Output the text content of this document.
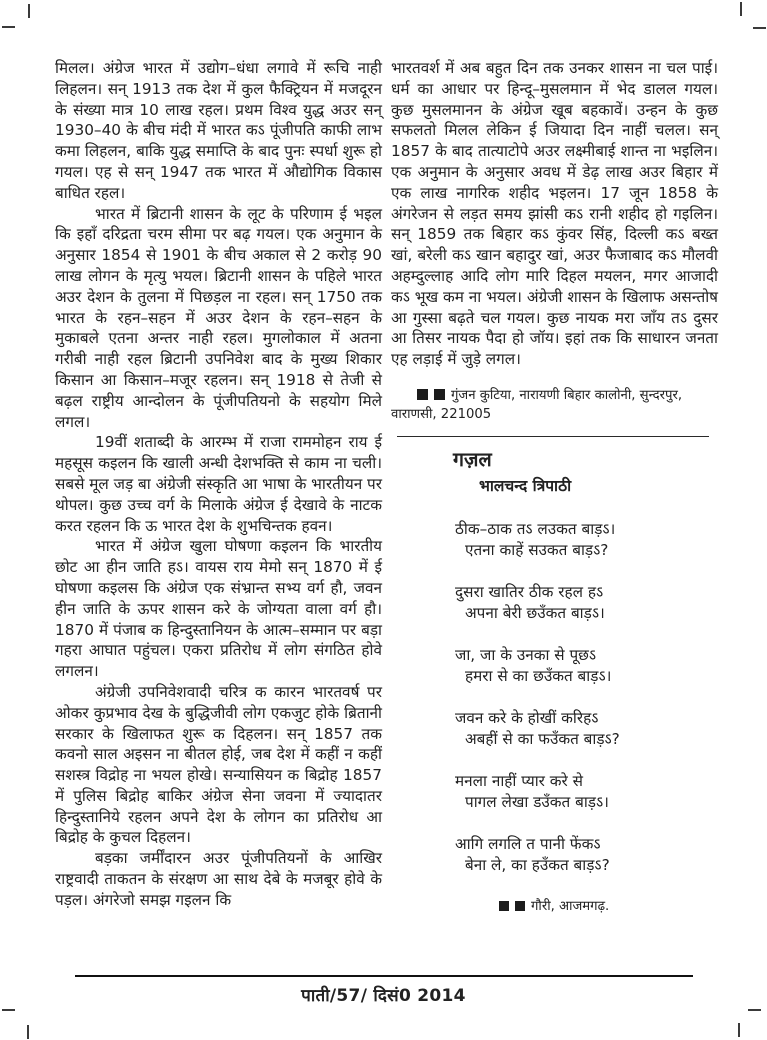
मिलल। अंग्रेज भारत में उद्योग–धंधा लगावे में रूचि नाही लिहलन। सन् 1913 तक देश में कुल फैक्ट्रियन में मजदूरन के संख्या मात्र 10 लाख रहल। प्रथम विश्व युद्ध अउर सन् 1930–40 के बीच मंदी में भारत कऽ पूंजीपति काफी लाभ कमा लिहलन, बाकि युद्ध समाप्ति के बाद पुनः स्पर्धा शुरू हो गयल। एह से सन् 1947 तक भारत में औद्योगिक विकास बाधित रहल।

भारत में ब्रिटानी शासन के लूट के परिणाम ई भइल कि इहाँ दरिद्रता चरम सीमा पर बढ़ गयल। एक अनुमान के अनुसार 1854 से 1901 के बीच अकाल से 2 करोड़ 90 लाख लोगन के मृत्यु भयल। ब्रिटानी शासन के पहिले भारत अउर देशन के तुलना में पिछड़ल ना रहल। सन् 1750 तक भारत के रहन–सहन में अउर देशन के रहन–सहन के मुकाबले एतना अन्तर नाही रहल। मुगलोकाल में अतना गरीबी नाही रहल ब्रिटानी उपनिवेश बाद के मुख्य शिकार किसान आ किसान–मजूर रहलन। सन् 1918 से तेजी से बढ़ल राष्ट्रीय आन्दोलन के पूंजीपतियनो के सहयोग मिले लगल।

19वीं शताब्दी के आरम्भ में राजा राममोहन राय ई महसूस कइलन कि खाली अन्धी देशभक्ति से काम ना चली। सबसे मूल जड़ बा अंग्रेजी संस्कृति आ भाषा के भारतीयन पर थोपल। कुछ उच्च वर्ग के मिलाके अंग्रेज ई देखावे के नाटक करत रहलन कि ऊ भारत देश के शुभचिन्तक हवन।

भारत में अंग्रेज खुला घोषणा कइलन कि भारतीय छोट आ हीन जाति हऽ। वायस राय मेमो सन् 1870 में ई घोषणा कइलस कि अंग्रेज एक संभ्रान्त सभ्य वर्ग हौ, जवन हीन जाति के ऊपर शासन करे के जोग्यता वाला वर्ग हौ। 1870 में पंजाब क हिन्दुस्तानियन के आत्म–सम्मान पर बड़ा गहरा आघात पहुंचल। एकरा प्रतिरोध में लोग संगठित होवे लगलन।

अंग्रेजी उपनिवेशवादी चरित्र क कारन भारतवर्ष पर ओकर कुप्रभाव देख के बुद्धिजीवी लोग एकजुट होके ब्रितानी सरकार के खिलाफत शुरू क दिहलन। सन् 1857 तक कवनो साल अइसन ना बीतल होई, जब देश में कहीं न कहीं सशस्त्र विद्रोह ना भयल होखे। सन्यासियन क बिद्रोह 1857 में पुलिस बिद्रोह बाकिर अंग्रेज सेना जवना में ज्यादातर हिन्दुस्तानिये रहलन अपने देश के लोगन का प्रतिरोध आ बिद्रोह के कुचल दिहलन।

बड़का जर्मींदारन अउर पूंजीपतियनों के आखिर राष्ट्रवादी ताकतन के संरक्षण आ साथ देबे के मजबूर होवे के पड़ल। अंगरेजो समझ गइलन कि

भारतवर्श में अब बहुत दिन तक उनकर शासन ना चल पाई। धर्म का आधार पर हिन्दू–मुसलमान में भेद डालल गयल। कुछ मुसलमानन के अंग्रेज खूब बहकावें। उन्हन के कुछ सफलतो मिलल लेकिन ई जियादा दिन नाहीं चलल। सन् 1857 के बाद तात्याटोपे अउर लक्ष्मीबाई शान्त ना भइलिन। एक अनुमान के अनुसार अवध में डेढ़ लाख अउर बिहार में एक लाख नागरिक शहीद भइलन। 17 जून 1858 के अंगरेजन से लड़त समय झांसी कऽ रानी शहीद हो गइलिन। सन् 1859 तक बिहार कऽ कुंवर सिंह, दिल्ली कऽ बख्त खां, बरेली कऽ खान बहादुर खां, अउर फैजाबाद कऽ मौलवी अहम्दुल्लाह आदि लोग मारि दिहल मयलन, मगर आजादी कऽ भूख कम ना भयल। अंग्रेजी शासन के खिलाफ असन्तोष आ गुस्सा बढ़ते चल गयल। कुछ नायक मरा जाँय तऽ दुसर आ तिसर नायक पैदा हो जॉय। इहां तक कि साधारन जनता एह लड़ाई में जुड़े लगल।

गुंजन कुटिया, नारायणी बिहार कालोनी, सुन्दरपुर, वाराणसी, 221005
गज़ल
भालचन्द त्रिपाठी
ठीक–ठाक तऽ लउकत बाड़ऽ।
एतना काहें सउकत बाड़ऽ?
दुसरा खातिर ठीक रहल हऽ
अपना बेरी छउँकत बाड़ऽ।
जा, जा के उनका से पूछऽ
हमरा से का छउँकत बाड़ऽ।
जवन करे के होखीं करिहऽ
अबहीं से का फउँकत बाड़ऽ?
मनला नाहीं प्यार करे से
पागल लेखा डउँकत बाड़ऽ।
आगि लगलि त पानी फेंकऽ
बेना ले, का हउँकत बाड़ऽ?
गौरी, आजमगढ़.
पाती/57/ दिसं0 2014
